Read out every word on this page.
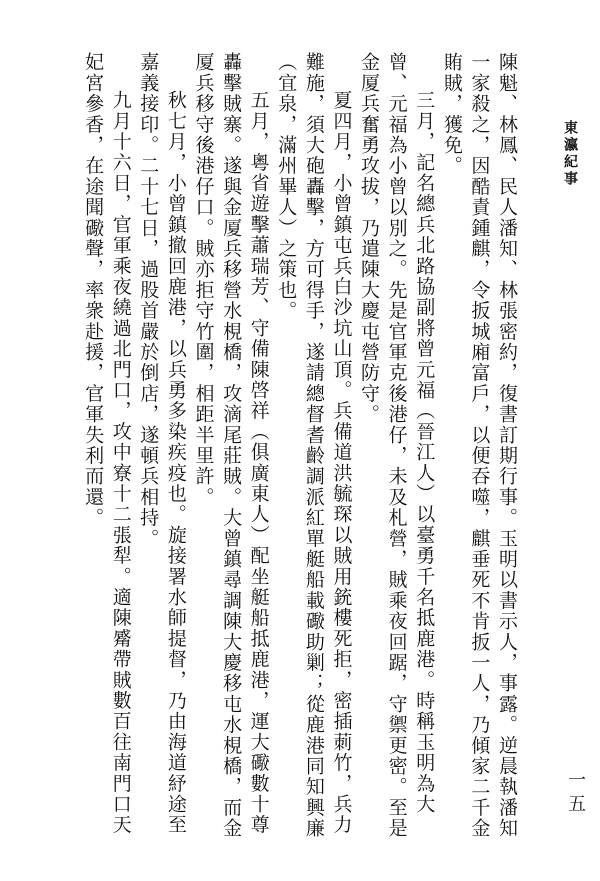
東瀛紀事

陳魁、林鳳、民人潘知、林張密約，復書訂期行事。玉明以書示人，事露。逆晨執潘知一家殺之，因酷責鍾麒，令扳城廂富戶，以便吞噬，麒垂死不肯扳一人，乃傾家二千金賄賊，獲免。

三月，記名總兵北路協副將曾元福（晉江人）以臺勇千名抵鹿港。時稱玉明為大曾、元福為小曾以別之。先是官軍克後港仔，未及札營，賊乘夜回踞，守禦更密。至是金厦兵奮勇攻拔，乃遣陳大慶屯營防守。

夏四月，小曾鎮屯兵白沙坑山頂。兵備道洪毓琛以賊用銃樓死拒，密插莿竹，兵力難施，須大砲轟擊，方可得手，遂請總督耆齡調派紅單艇船載礮助剿；從鹿港同知興廉（宜泉，滿州畢人）之策也。

五月，粵省遊擊蕭瑞芳、守備陳啓祥（俱廣東人）配坐艇船抵鹿港，運大礮數十尊轟擊賊寨。遂與金厦兵移營水梘橋，攻滴尾莊賊。大曾鎮尋調陳大慶移屯水梘橋，而金厦兵移守後港仔口。賊亦拒守竹圍，相距半里許。

秋七月，小曾鎮撤回鹿港，以兵勇多染疾疫也。旋接署水師提督，乃由海道紓途至嘉義接印。二十七日，過股首嚴於倒店，遂頓兵相持。

九月十六日，官軍乘夜繞過北門口，攻中寮十二張犁。適陳觱帶賊數百往南門口天妃宮參香，在途聞礮聲，率衆赴援，官軍失利而還。

一五
